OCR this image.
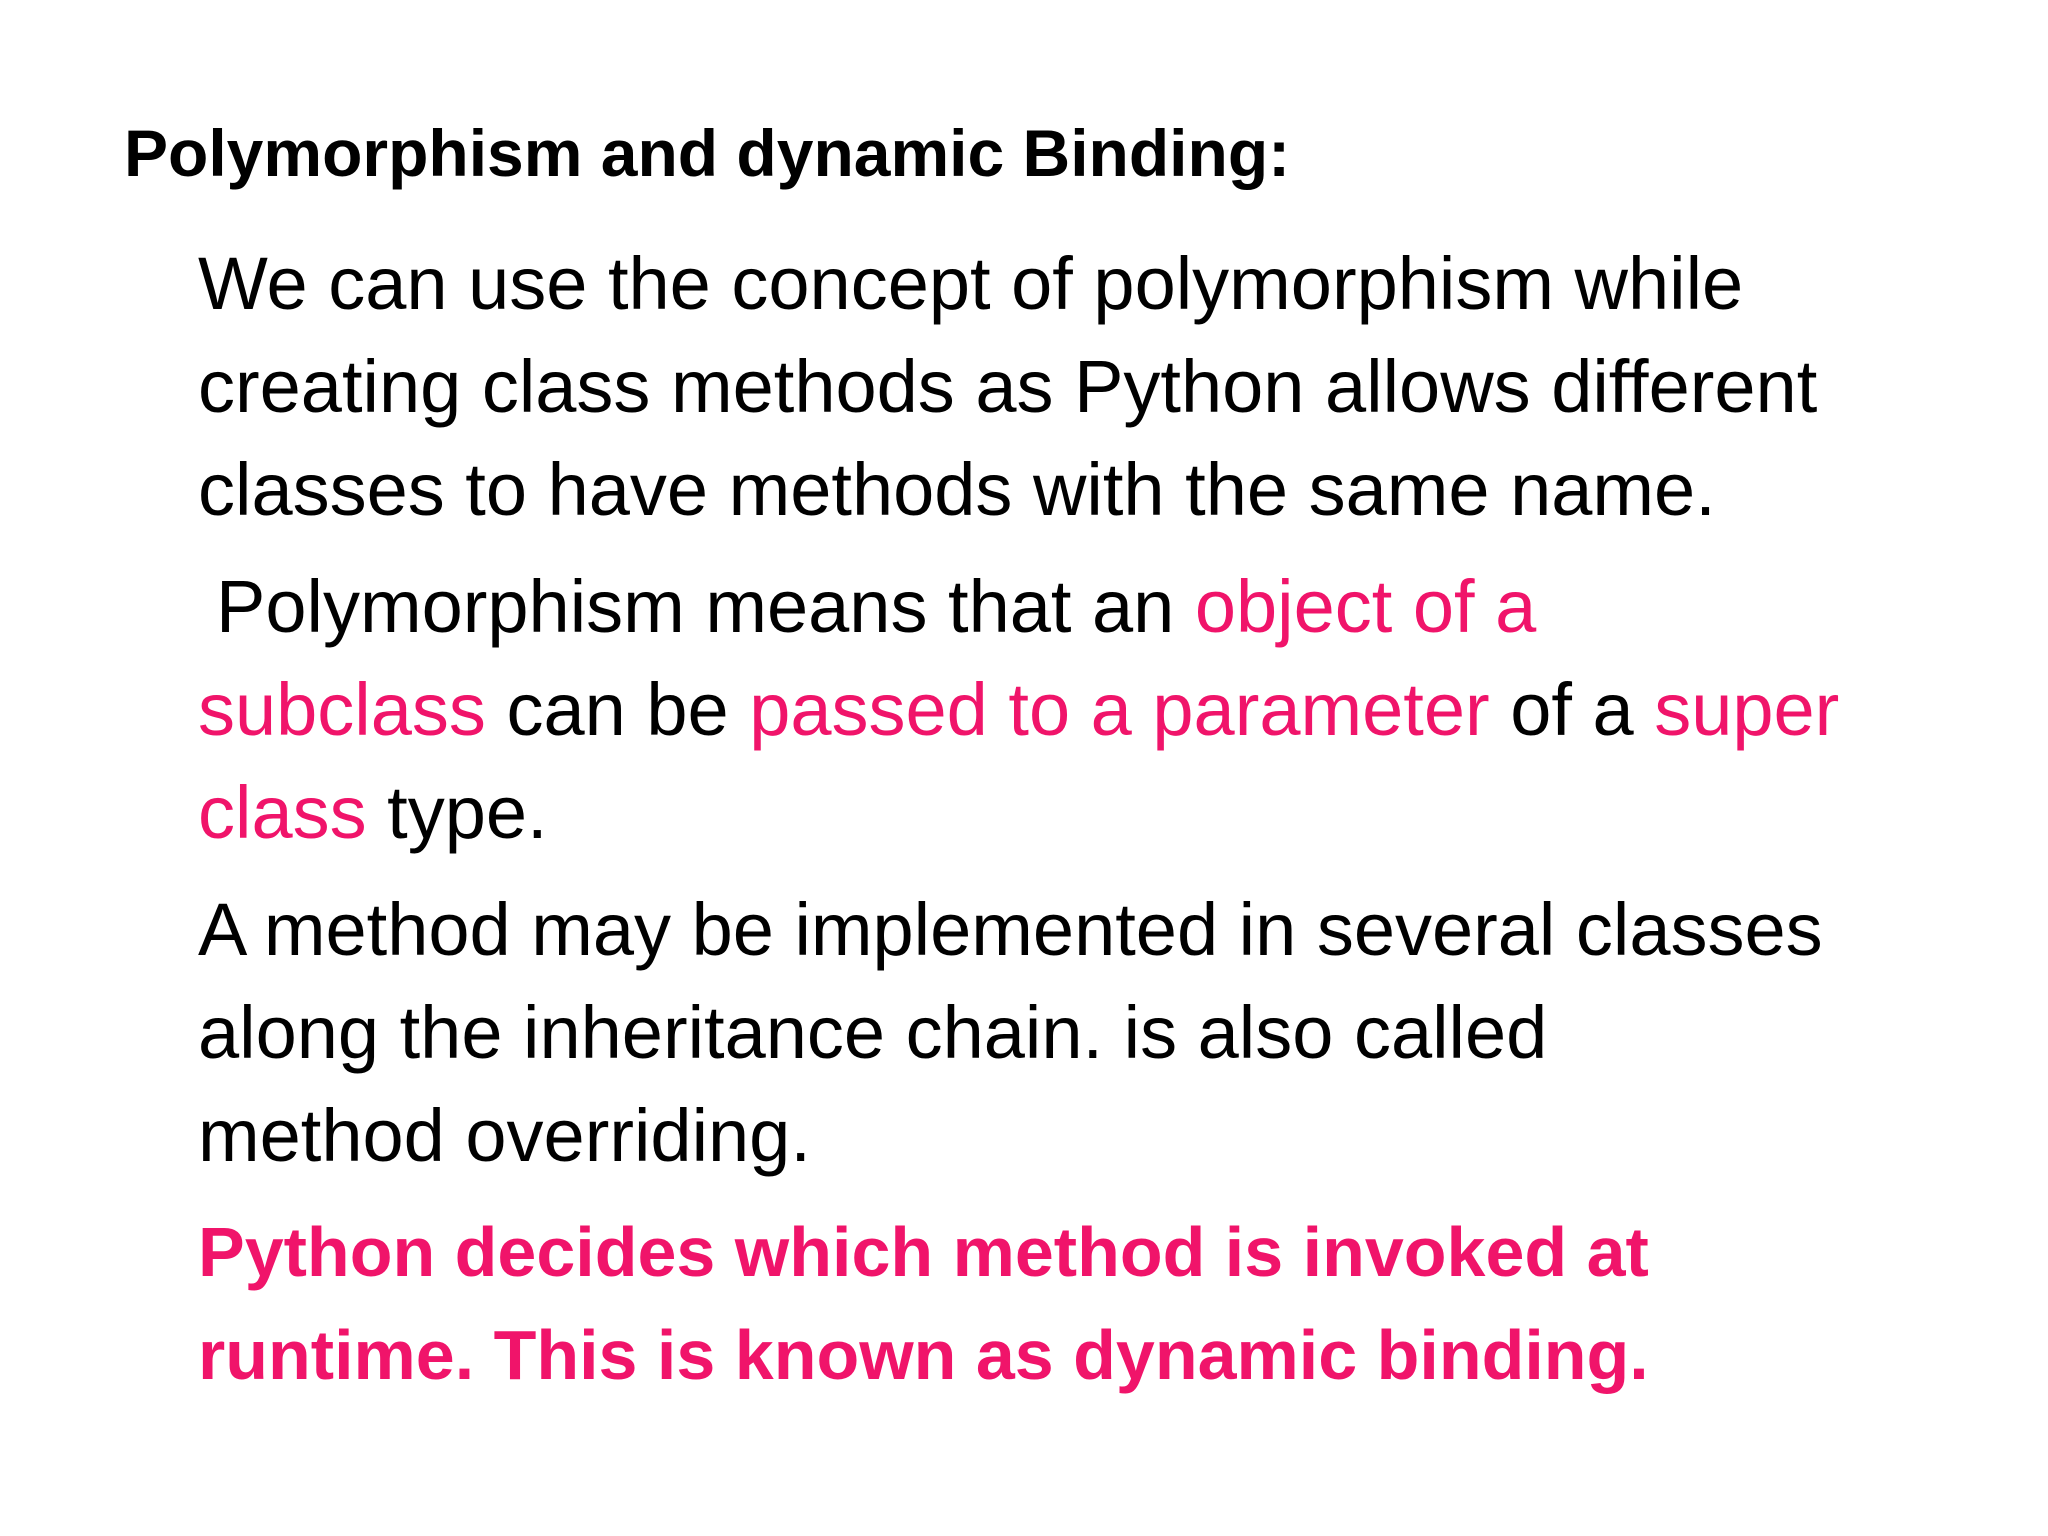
Polymorphism and dynamic Binding:
We can use the concept of polymorphism while
creating class methods as Python allows different
classes to have methods with the same name.
Polymorphism means that an object of a
subclass can be passed to a parameter of a super
class type.
A method may be implemented in several classes
along the inheritance chain. is also called
method overriding.
Python decides which method is invoked at
runtime. This is known as dynamic binding.
